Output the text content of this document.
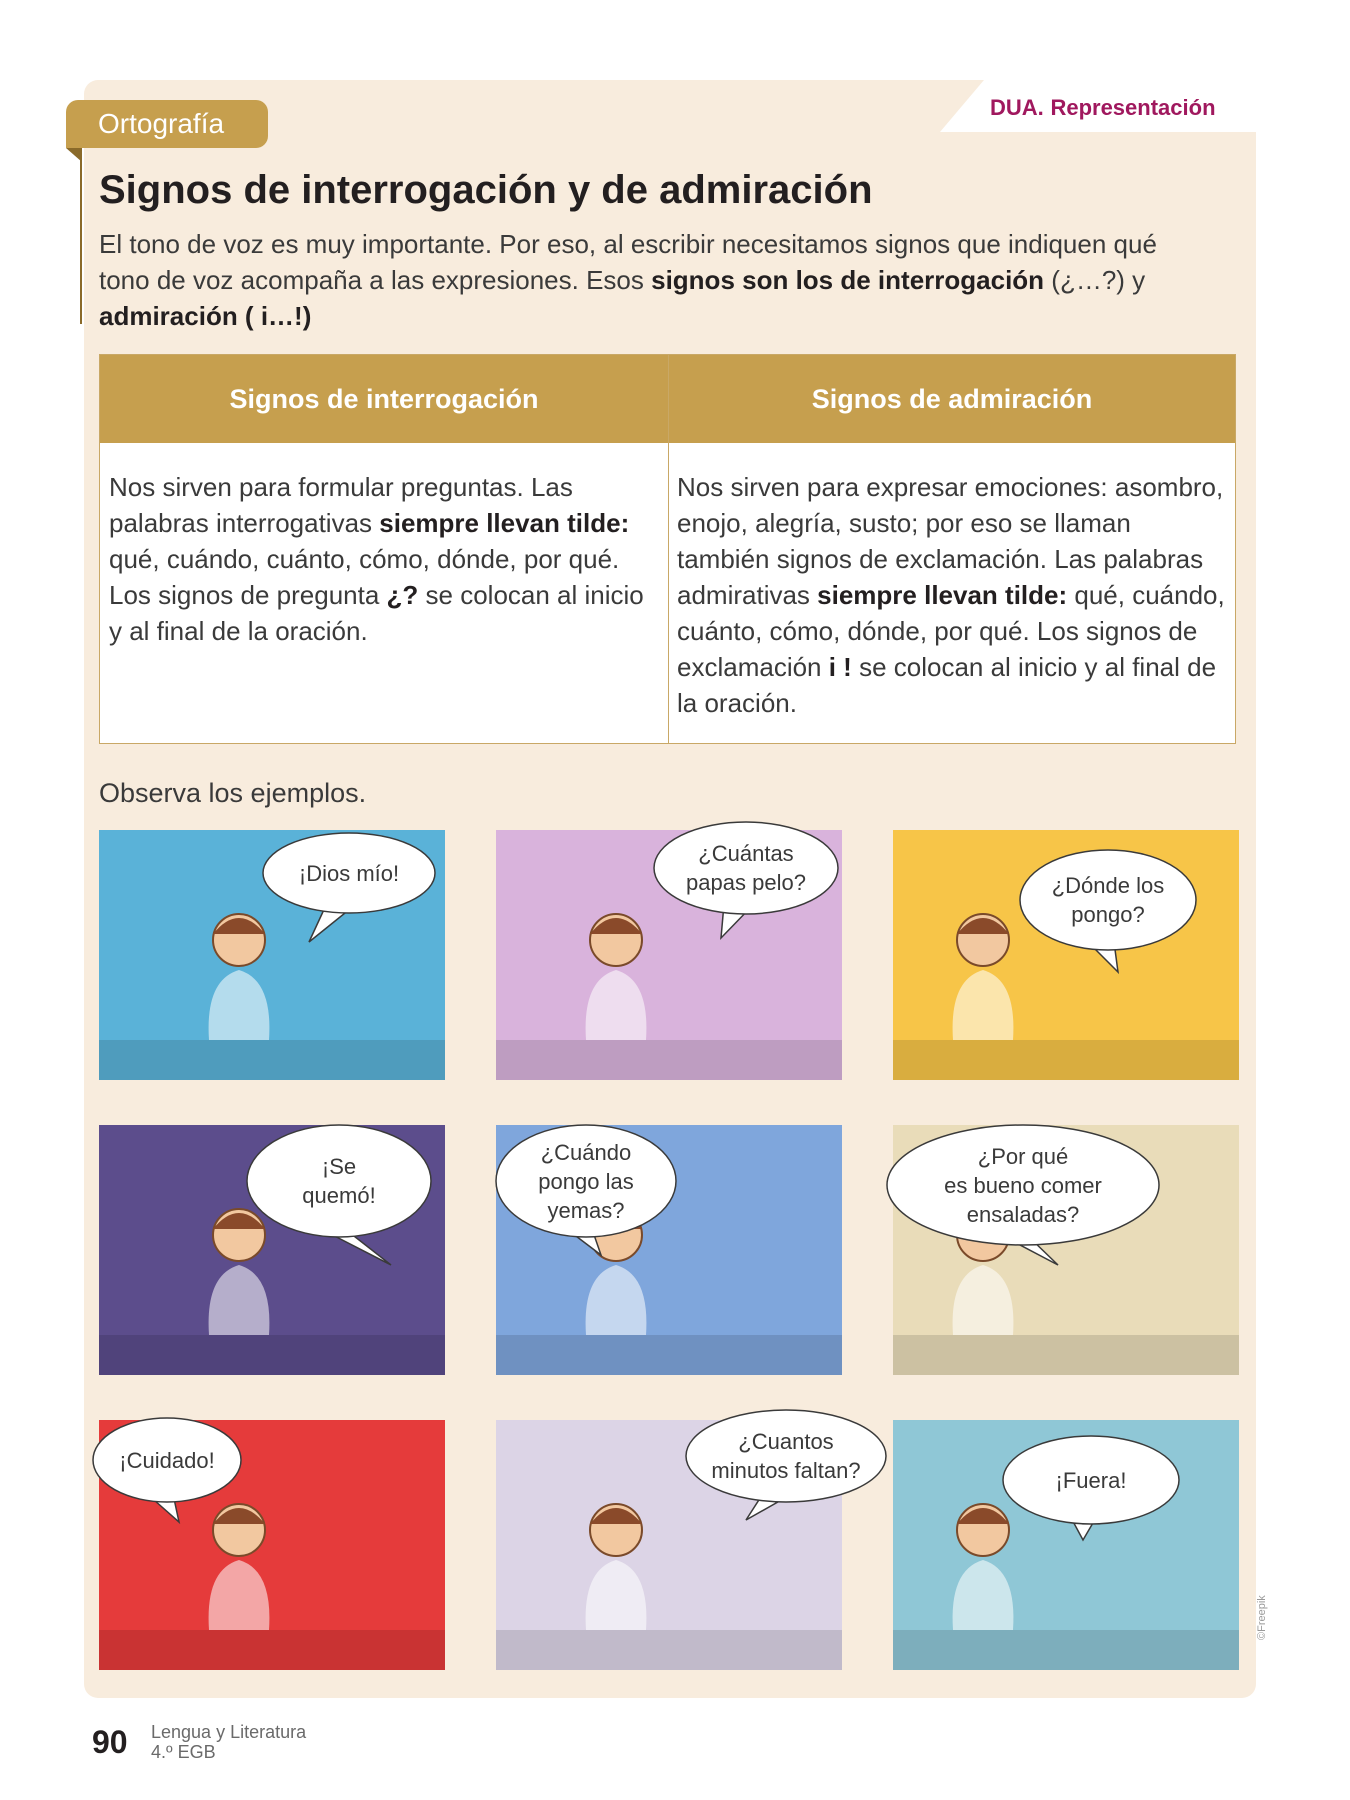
DUA. Representación
Ortografía
Signos de interrogación y de admiración

El tono de voz es muy importante. Por eso, al escribir necesitamos signos que indiquen qué tono de voz acompaña a las expresiones. Esos signos son los de interrogación (¿…?) y admiración ( i…!)

Signos de interrogación	Signos de admiración

Nos sirven para formular preguntas. Las palabras interrogativas siempre llevan tilde: qué, cuándo, cuánto, cómo, dónde, por qué. Los signos de pregunta ¿? se colocan al inicio y al final de la oración.

Nos sirven para expresar emociones: asombro, enojo, alegría, susto; por eso se llaman también signos de exclamación. Las palabras admirativas siempre llevan tilde: qué, cuándo, cuánto, cómo, dónde, por qué. Los signos de exclamación i ! se colocan al inicio y al final de la oración.

Observa los ejemplos.
¡Dios mío!
¿Cuántas
papas pelo?	¿Dónde los
pongo?
¡Se
quemó!
¿Cuándo
pongo las
yemas?
¿Por qué
es bueno comer
ensaladas?
¡Cuidado!
¿Cuantos
minutos faltan?	¡Fuera!
©Freepik
90 Lengua y Literatura
4.º EGB
